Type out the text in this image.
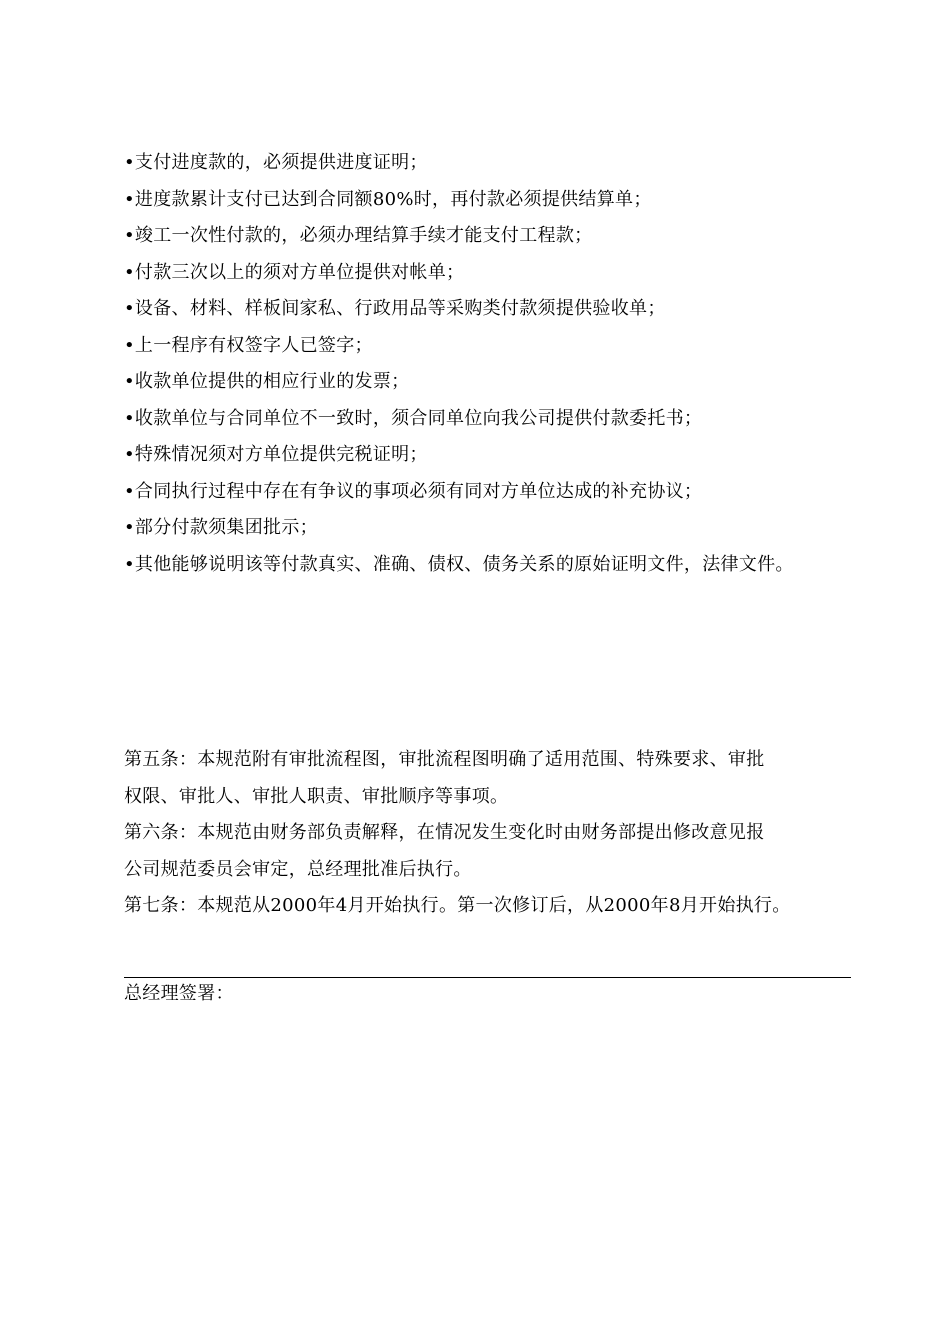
•支付进度款的，必须提供进度证明；
•进度款累计支付已达到合同额80%时，再付款必须提供结算单；
•竣工一次性付款的，必须办理结算手续才能支付工程款；
•付款三次以上的须对方单位提供对帐单；
•设备、材料、样板间家私、行政用品等采购类付款须提供验收单；
•上一程序有权签字人已签字；
•收款单位提供的相应行业的发票；
•收款单位与合同单位不一致时，须合同单位向我公司提供付款委托书；
•特殊情况须对方单位提供完税证明；
•合同执行过程中存在有争议的事项必须有同对方单位达成的补充协议；
•部分付款须集团批示；
•其他能够说明该等付款真实、准确、债权、债务关系的原始证明文件，法律文件。
第五条：本规范附有审批流程图，审批流程图明确了适用范围、特殊要求、审批
权限、审批人、审批人职责、审批顺序等事项。
第六条：本规范由财务部负责解释，在情况发生变化时由财务部提出修改意见报
公司规范委员会审定，总经理批准后执行。
第七条：本规范从2000年4月开始执行。第一次修订后，从2000年8月开始执行。
总经理签署：
